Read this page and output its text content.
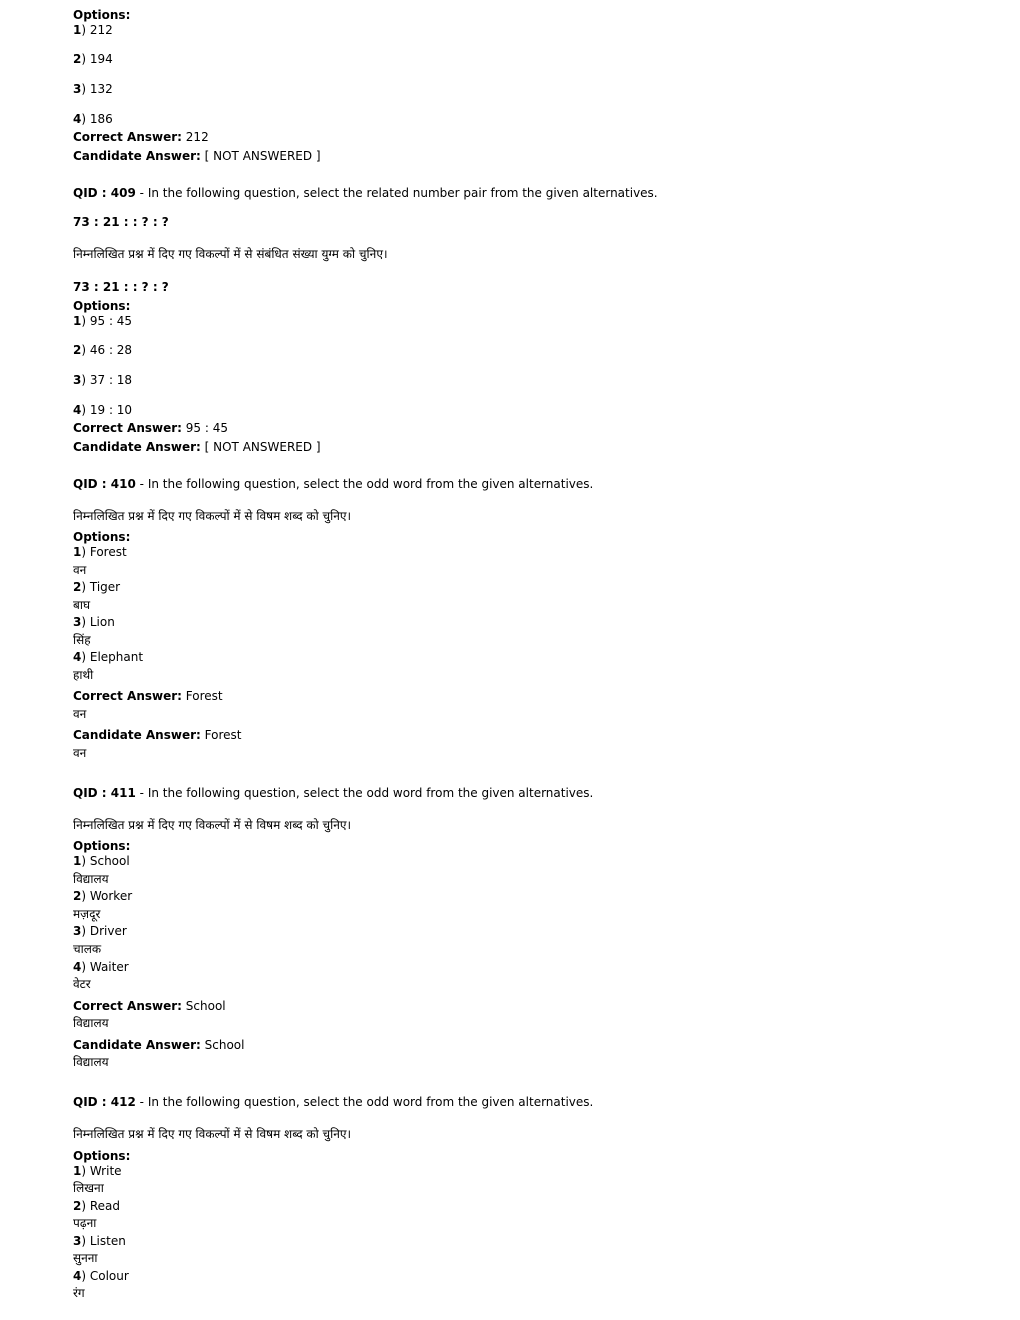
Options:
1) 212
2) 194
3) 132
4) 186
Correct Answer: 212
Candidate Answer: [ NOT ANSWERED ]
QID : 409 - In the following question, select the related number pair from the given alternatives.
73 : 21 : : ? : ?
निम्नलिखित प्रश्न में दिए गए विकल्पों में से संबंधित संख्या युग्म को चुनिए।
73 : 21 : : ? : ?
Options:
1) 95 : 45
2) 46 : 28
3) 37 : 18
4) 19 : 10
Correct Answer: 95 : 45
Candidate Answer: [ NOT ANSWERED ]
QID : 410 - In the following question, select the odd word from the given alternatives.
निम्नलिखित प्रश्न में दिए गए विकल्पों में से विषम शब्द को चुनिए।
Options:
1) Forest
वन
2) Tiger
बाघ
3) Lion
सिंह
4) Elephant
हाथी
Correct Answer: Forest
वन
Candidate Answer: Forest
वन
QID : 411 - In the following question, select the odd word from the given alternatives.
निम्नलिखित प्रश्न में दिए गए विकल्पों में से विषम शब्द को चुनिए।
Options:
1) School
विद्यालय
2) Worker
मज़दूर
3) Driver
चालक
4) Waiter
वेटर
Correct Answer: School
विद्यालय
Candidate Answer: School
विद्यालय
QID : 412 - In the following question, select the odd word from the given alternatives.
निम्नलिखित प्रश्न में दिए गए विकल्पों में से विषम शब्द को चुनिए।
Options:
1) Write
लिखना
2) Read
पढ़ना
3) Listen
सुनना
4) Colour
रंग
